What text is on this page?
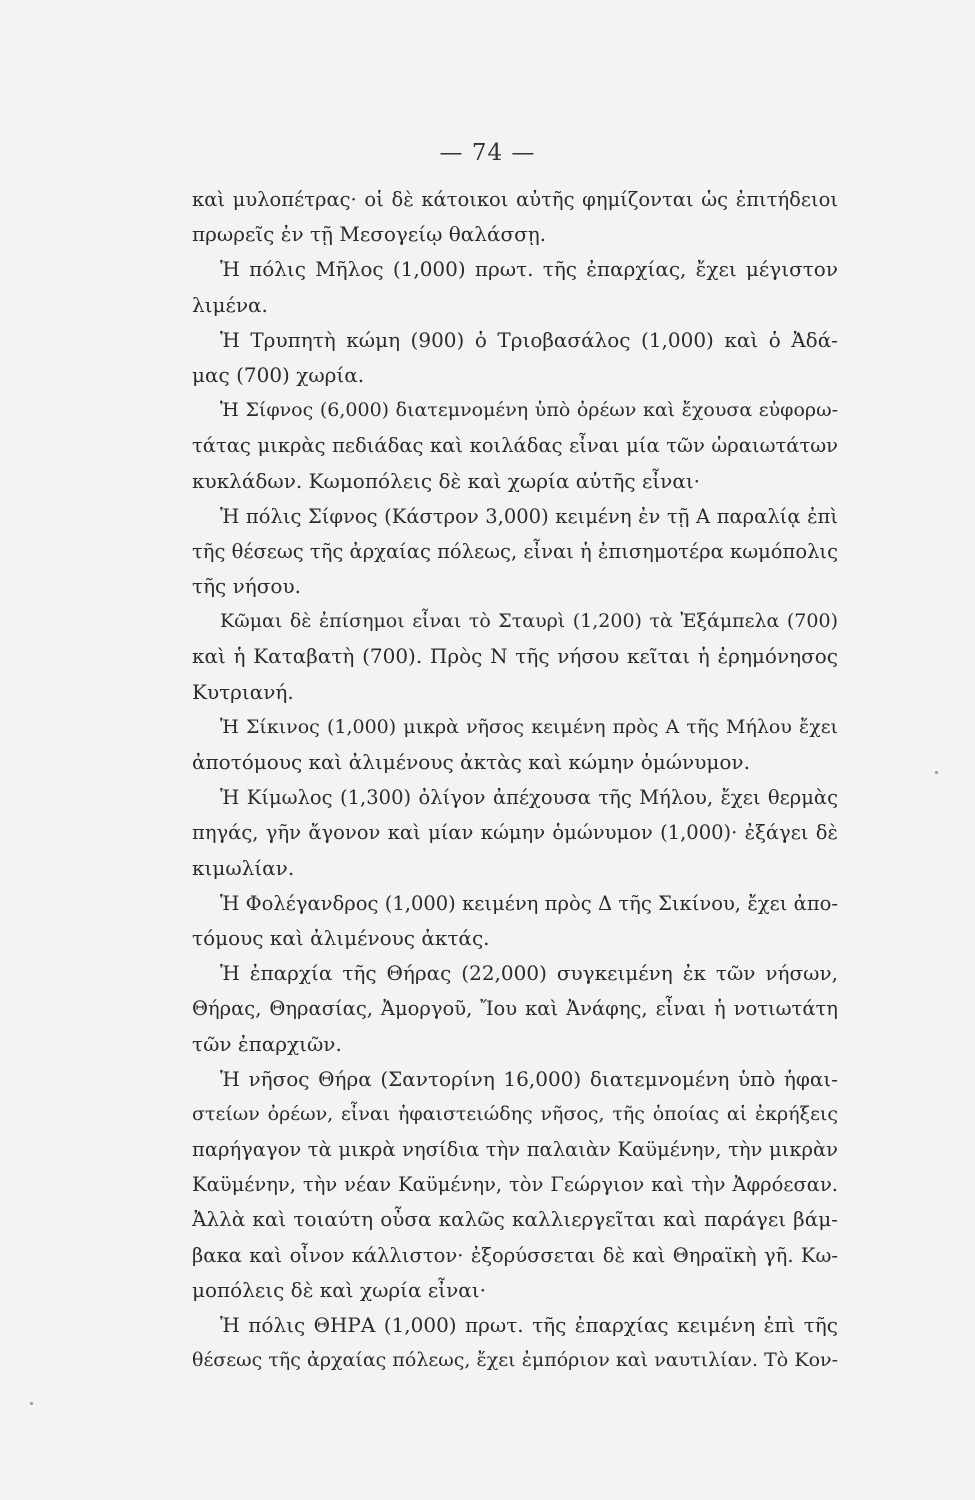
— 74 —
καὶ μυλοπέτρας· οἱ δὲ κάτοικοι αὐτῆς φημίζονται ὡς ἐπιτήδειοι
πρωρεῖς ἐν τῇ Μεσογείῳ θαλάσσῃ.
Ἡ πόλις Μῆλος (1,000) πρωτ. τῆς ἐπαρχίας, ἔχει μέγιστον
λιμένα.
Ἡ Τρυπητὴ κώμη (900) ὁ Τριοβασάλος (1,000) καὶ ὁ Ἀδά-
μας (700) χωρία.
Ἡ Σίφνος (6,000) διατεμνομένη ὑπὸ ὀρέων καὶ ἔχουσα εὐφορω-
τάτας μικρὰς πεδιάδας καὶ κοιλάδας εἶναι μία τῶν ὡραιωτάτων
κυκλάδων. Κωμοπόλεις δὲ καὶ χωρία αὐτῆς εἶναι·
Ἡ πόλις Σίφνος (Κάστρον 3,000) κειμένη ἐν τῇ Α παραλίᾳ ἐπὶ
τῆς θέσεως τῆς ἀρχαίας πόλεως, εἶναι ἡ ἐπισημοτέρα κωμόπολις
τῆς νήσου.
Κῶμαι δὲ ἐπίσημοι εἶναι τὸ Σταυρὶ (1,200) τὰ Ἐξάμπελα (700)
καὶ ἡ Καταβατὴ (700). Πρὸς Ν τῆς νήσου κεῖται ἡ ἐρημόνησος
Κυτριανή.
Ἡ Σίκινος (1,000) μικρὰ νῆσος κειμένη πρὸς Α τῆς Μήλου ἔχει
ἀποτόμους καὶ ἀλιμένους ἀκτὰς καὶ κώμην ὁμώνυμον.
Ἡ Κίμωλος (1,300) ὀλίγον ἀπέχουσα τῆς Μήλου, ἔχει θερμὰς
πηγάς, γῆν ἄγονον καὶ μίαν κώμην ὁμώνυμον (1,000)· ἐξάγει δὲ
κιμωλίαν.
Ἡ Φολέγανδρος (1,000) κειμένη πρὸς Δ τῆς Σικίνου, ἔχει ἀπο-
τόμους καὶ ἀλιμένους ἀκτάς.
Ἡ ἐπαρχία τῆς Θήρας (22,000) συγκειμένη ἐκ τῶν νήσων,
Θήρας, Θηρασίας, Ἀμοργοῦ, Ἴου καὶ Ἀνάφης, εἶναι ἡ νοτιωτάτη
τῶν ἐπαρχιῶν.
Ἡ νῆσος Θήρα (Σαντορίνη 16,000) διατεμνομένη ὑπὸ ἡφαι-
στείων ὀρέων, εἶναι ἡφαιστειώδης νῆσος, τῆς ὁποίας αἱ ἐκρήξεις
παρήγαγον τὰ μικρὰ νησίδια τὴν παλαιὰν Καϋμένην, τὴν μικρὰν
Καϋμένην, τὴν νέαν Καϋμένην, τὸν Γεώργιον καὶ τὴν Ἀφρόεσαν.
Ἀλλὰ καὶ τοιαύτη οὖσα καλῶς καλλιεργεῖται καὶ παράγει βάμ-
βακα καὶ οἶνον κάλλιστον· ἐξορύσσεται δὲ καὶ Θηραϊκὴ γῆ. Κω-
μοπόλεις δὲ καὶ χωρία εἶναι·
Ἡ πόλις ΘΗΡΑ (1,000) πρωτ. τῆς ἐπαρχίας κειμένη ἐπὶ τῆς
θέσεως τῆς ἀρχαίας πόλεως, ἔχει ἐμπόριον καὶ ναυτιλίαν. Τὸ Κον-
